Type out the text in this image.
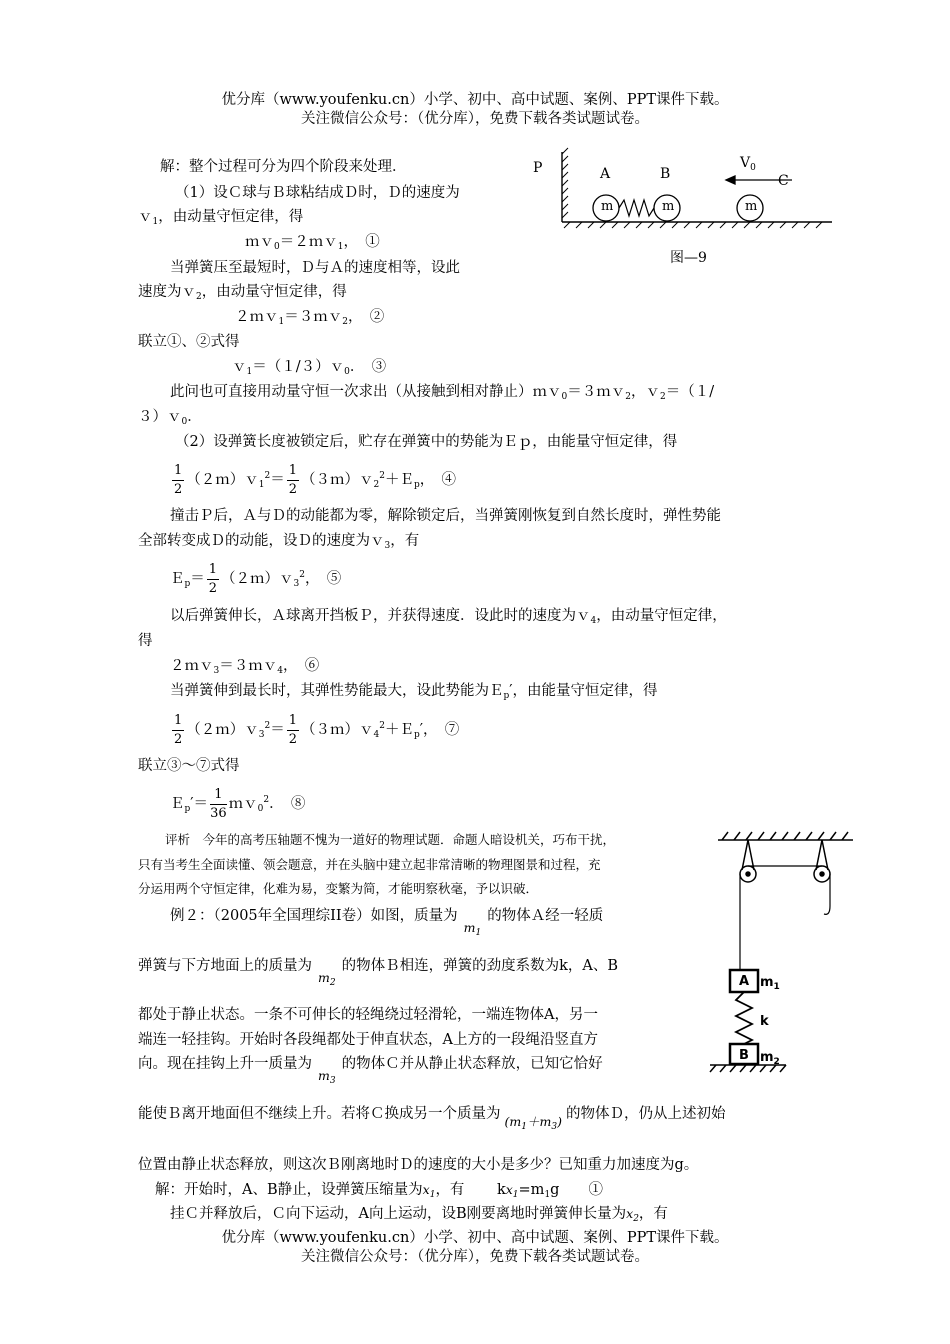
优分库（www.youfenku.cn）小学、初中、高中试题、案例、PPT课件下载。
关注微信公众号：（优分库），免费下载各类试题试卷。
P	A	B	C
$V_0$
m	m	m
图—9
解：整个过程可分为四个阶段来处理．
（1）设Ｃ球与Ｂ球粘结成Ｄ时，Ｄ的速度为
ｖ$_1$，由动量守恒定律，得
ｍｖ$_0$＝２ｍｖ$_1$，　①
当弹簧压至最短时，Ｄ与Ａ的速度相等，设此
速度为ｖ$_2$，由动量守恒定律，得
２ｍｖ$_1$＝３ｍｖ$_2$，　②
联立①、②式得
ｖ$_1$＝（１/３）ｖ$_0$．　③
此问也可直接用动量守恒一次求出（从接触到相对静止）ｍｖ$_0$＝３ｍｖ$_2$，ｖ$_2$＝（１/
３）ｖ$_0$．
（2）设弹簧长度被锁定后，贮存在弹簧中的势能为Ｅｐ，由能量守恒定律，得
$\frac{1}{2}$ （２ｍ）ｖ$_1^2$＝ $\frac{1}{2}$ （３ｍ）ｖ$_2^2$＋Ｅ$_p$，　④
撞击Ｐ后，Ａ与Ｄ的动能都为零，解除锁定后，当弹簧刚恢复到自然长度时，弹性势能
全部转变成Ｄ的动能，设Ｄ的速度为ｖ$_3$，有
Ｅ$_p$＝ $\frac{1}{2}$ （２ｍ）ｖ$_3^2$，　⑤
以后弹簧伸长，Ａ球离开挡板Ｐ，并获得速度．设此时的速度为ｖ$_4$，由动量守恒定律，
得
２ｍｖ$_3$＝３ｍｖ$_4$，　⑥
当弹簧伸到最长时，其弹性势能最大，设此势能为Ｅ$_p$′，由能量守恒定律，得
$\frac{1}{2}$ （２ｍ）ｖ$_3^2$＝ $\frac{1}{2}$ （３ｍ）ｖ$_4^2$＋Ｅ$_p$′，　⑦
联立③～⑦式得
Ｅ$_p$′＝ $\frac{1}{36}$ ｍｖ$_0^2$．　⑧
评析　今年的高考压轴题不愧为一道好的物理试题．命题人暗设机关，巧布干扰，
只有当考生全面读懂、领会题意，并在头脑中建立起非常清晰的物理图景和过程，充
分运用两个守恒定律，化难为易，变繁为简，才能明察秋毫，予以识破．
A
B
$m_1$
$m_2$
k
例２：（2005年全国理综II卷）如图，质量为$m_1$的物体Ａ经一轻质
弹簧与下方地面上的质量为$m_2$的物体Ｂ相连，弹簧的劲度系数为k，A、B
都处于静止状态。一条不可伸长的轻绳绕过轻滑轮，一端连物体A，另一
端连一轻挂钩。开始时各段绳都处于伸直状态，A上方的一段绳沿竖直方
向。现在挂钩上升一质量为$m_3$的物体Ｃ并从静止状态释放，已知它恰好
能使Ｂ离开地面但不继续上升。若将Ｃ换成另一个质量为 $(m_1+m_3)$ 的物体Ｄ，仍从上述初始
位置由静止状态释放，则这次Ｂ刚离地时Ｄ的速度的大小是多少？已知重力加速度为g。
解：开始时，A、B静止，设弹簧压缩量为$x_1$，有　$kx_1=m_1g$　　①
挂Ｃ并释放后，Ｃ向下运动，A向上运动，设B刚要离地时弹簧伸长量为$x_2$，有
优分库（www.youfenku.cn）小学、初中、高中试题、案例、PPT课件下载。
关注微信公众号：（优分库），免费下载各类试题试卷。
